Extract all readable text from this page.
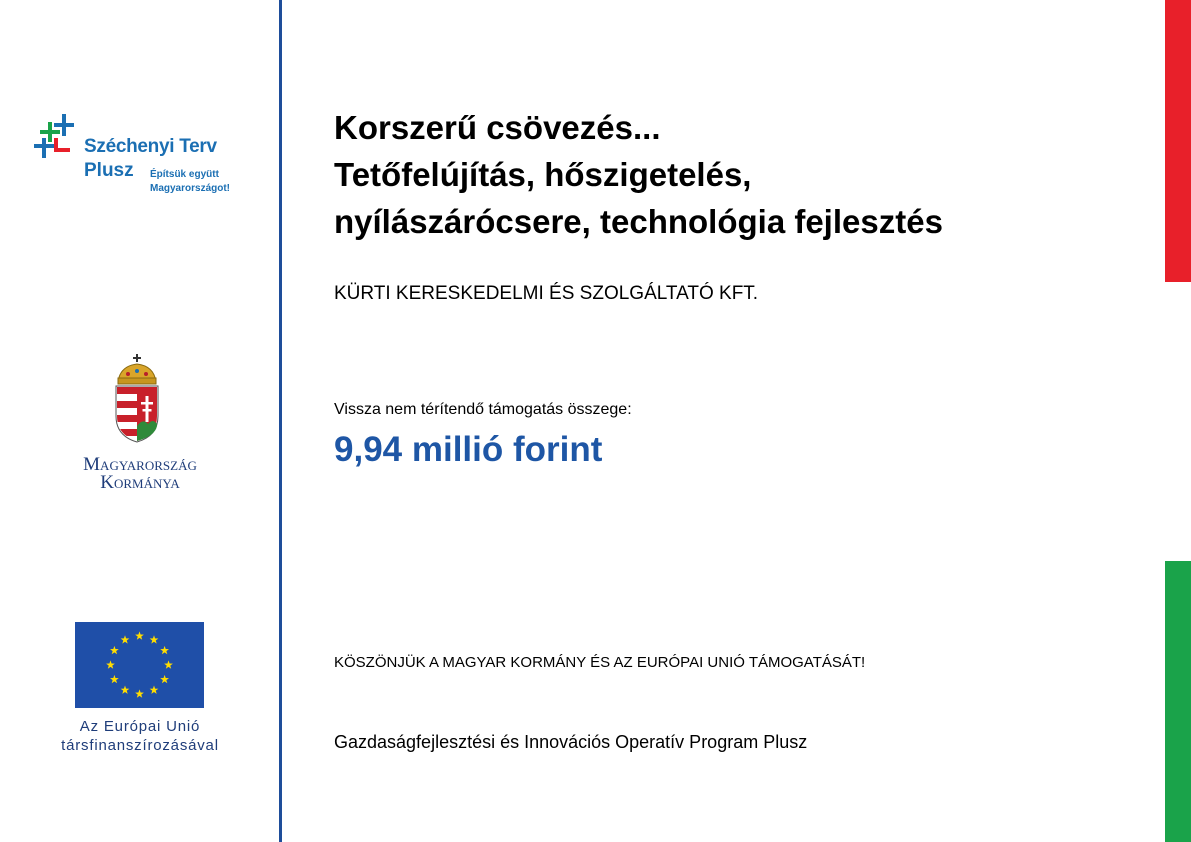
Széchenyi Terv
Plusz Építsük együtt
Magyarországot!
Magyarország
Kormánya
Az Európai Unió
társfinanszírozásával
Korszerű csövezés...
Tetőfelújítás, hőszigetelés,
nyílászárócsere, technológia fejlesztés
KÜRTI KERESKEDELMI ÉS SZOLGÁLTATÓ KFT.
Vissza nem térítendő támogatás összege:
9,94 millió forint
KÖSZÖNJÜK A MAGYAR KORMÁNY ÉS AZ EURÓPAI UNIÓ TÁMOGATÁSÁT!
Gazdaságfejlesztési és Innovációs Operatív Program Plusz
